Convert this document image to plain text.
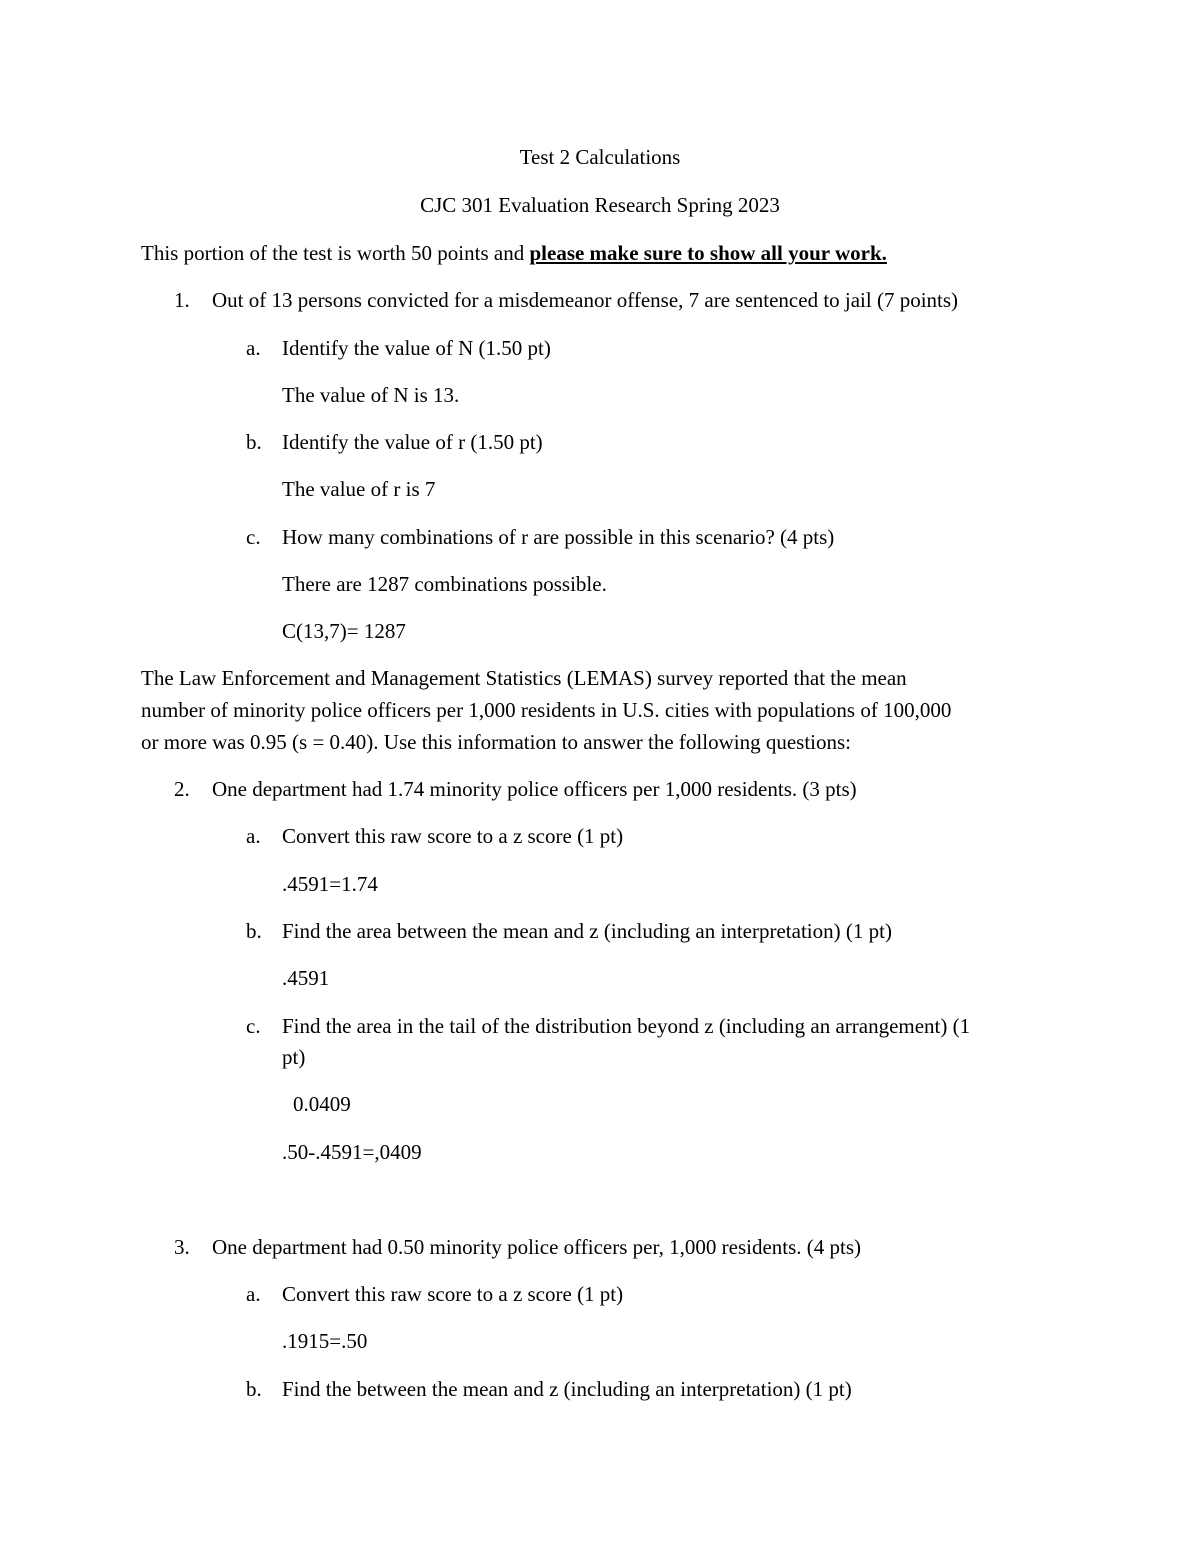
Test 2 Calculations
CJC 301 Evaluation Research Spring 2023
This portion of the test is worth 50 points and please make sure to show all your work.
1. Out of 13 persons convicted for a misdemeanor offense, 7 are sentenced to jail (7 points)
a. Identify the value of N (1.50 pt)
The value of N is 13.
b. Identify the value of r (1.50 pt)
The value of r is 7
c. How many combinations of r are possible in this scenario? (4 pts)
There are 1287 combinations possible.
C(13,7)= 1287
The Law Enforcement and Management Statistics (LEMAS) survey reported that the mean
number of minority police officers per 1,000 residents in U.S. cities with populations of 100,000
or more was 0.95 (s = 0.40). Use this information to answer the following questions:
2. One department had 1.74 minority police officers per 1,000 residents. (3 pts)
a. Convert this raw score to a z score (1 pt)
.4591=1.74
b. Find the area between the mean and z (including an interpretation) (1 pt)
.4591
c. Find the area in the tail of the distribution beyond z (including an arrangement) (1
pt)
0.0409
.50-.4591=,0409
3. One department had 0.50 minority police officers per, 1,000 residents. (4 pts)
a. Convert this raw score to a z score (1 pt)
.1915=.50
b. Find the between the mean and z (including an interpretation) (1 pt)
